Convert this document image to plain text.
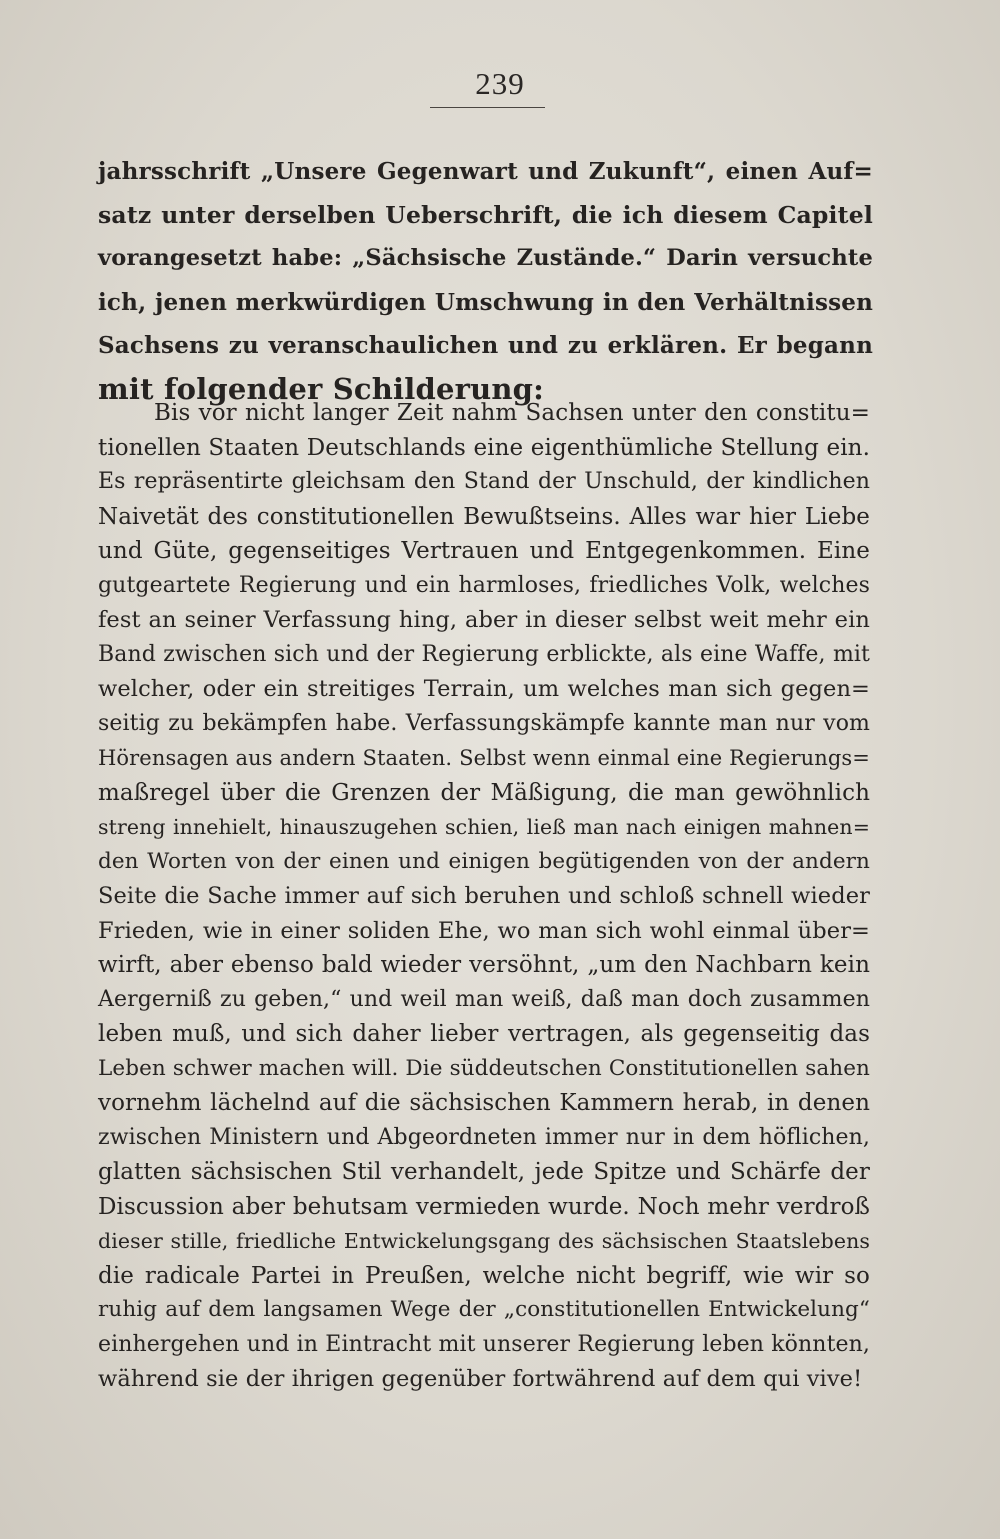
239
jahrsschrift „Unsere Gegenwart und Zukunft“, einen Auf=
satz unter derselben Ueberschrift, die ich diesem Capitel
vorangesetzt habe: „Sächsische Zustände.“ Darin versuchte
ich, jenen merkwürdigen Umschwung in den Verhältnissen
Sachsens zu veranschaulichen und zu erklären. Er begann
mit folgender Schilderung:
Bis vor nicht langer Zeit nahm Sachsen unter den constitu=
tionellen Staaten Deutschlands eine eigenthümliche Stellung ein.
Es repräsentirte gleichsam den Stand der Unschuld, der kindlichen
Naivetät des constitutionellen Bewußtseins. Alles war hier Liebe
und Güte, gegenseitiges Vertrauen und Entgegenkommen. Eine
gutgeartete Regierung und ein harmloses, friedliches Volk, welches
fest an seiner Verfassung hing, aber in dieser selbst weit mehr ein
Band zwischen sich und der Regierung erblickte, als eine Waffe, mit
welcher, oder ein streitiges Terrain, um welches man sich gegen=
seitig zu bekämpfen habe. Verfassungskämpfe kannte man nur vom
Hörensagen aus andern Staaten. Selbst wenn einmal eine Regierungs=
maßregel über die Grenzen der Mäßigung, die man gewöhnlich
streng innehielt, hinauszugehen schien, ließ man nach einigen mahnen=
den Worten von der einen und einigen begütigenden von der andern
Seite die Sache immer auf sich beruhen und schloß schnell wieder
Frieden, wie in einer soliden Ehe, wo man sich wohl einmal über=
wirft, aber ebenso bald wieder versöhnt, „um den Nachbarn kein
Aergerniß zu geben,“ und weil man weiß, daß man doch zusammen
leben muß, und sich daher lieber vertragen, als gegenseitig das
Leben schwer machen will. Die süddeutschen Constitutionellen sahen
vornehm lächelnd auf die sächsischen Kammern herab, in denen
zwischen Ministern und Abgeordneten immer nur in dem höflichen,
glatten sächsischen Stil verhandelt, jede Spitze und Schärfe der
Discussion aber behutsam vermieden wurde. Noch mehr verdroß
dieser stille, friedliche Entwickelungsgang des sächsischen Staatslebens
die radicale Partei in Preußen, welche nicht begriff, wie wir so
ruhig auf dem langsamen Wege der „constitutionellen Entwickelung“
einhergehen und in Eintracht mit unserer Regierung leben könnten,
während sie der ihrigen gegenüber fortwährend auf dem qui vive!
